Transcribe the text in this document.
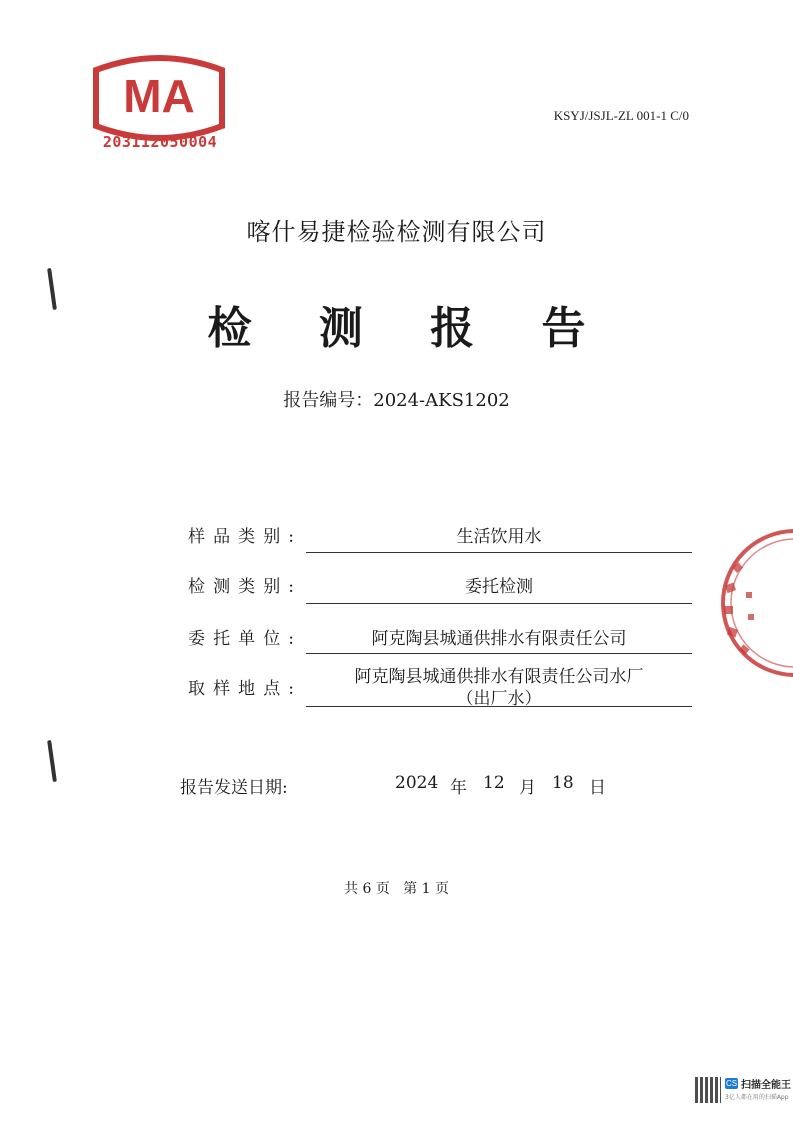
MA
203112050004
KSYJ/JSJL-ZL 001-1 C/0
喀什易捷检验检测有限公司
检 测 报 告
报告编号：2024-AKS1202
样品类别:	生活饮用水
检测类别:	委托检测
委托单位:	阿克陶县城通供排水有限责任公司
取样地点:
阿克陶县城通供排水有限责任公司水厂
（出厂水）
报告发送日期:	2024 年 12 月 18 日
共 6 页   第 1 页
CS 扫描全能王
3亿人都在用的扫描App
